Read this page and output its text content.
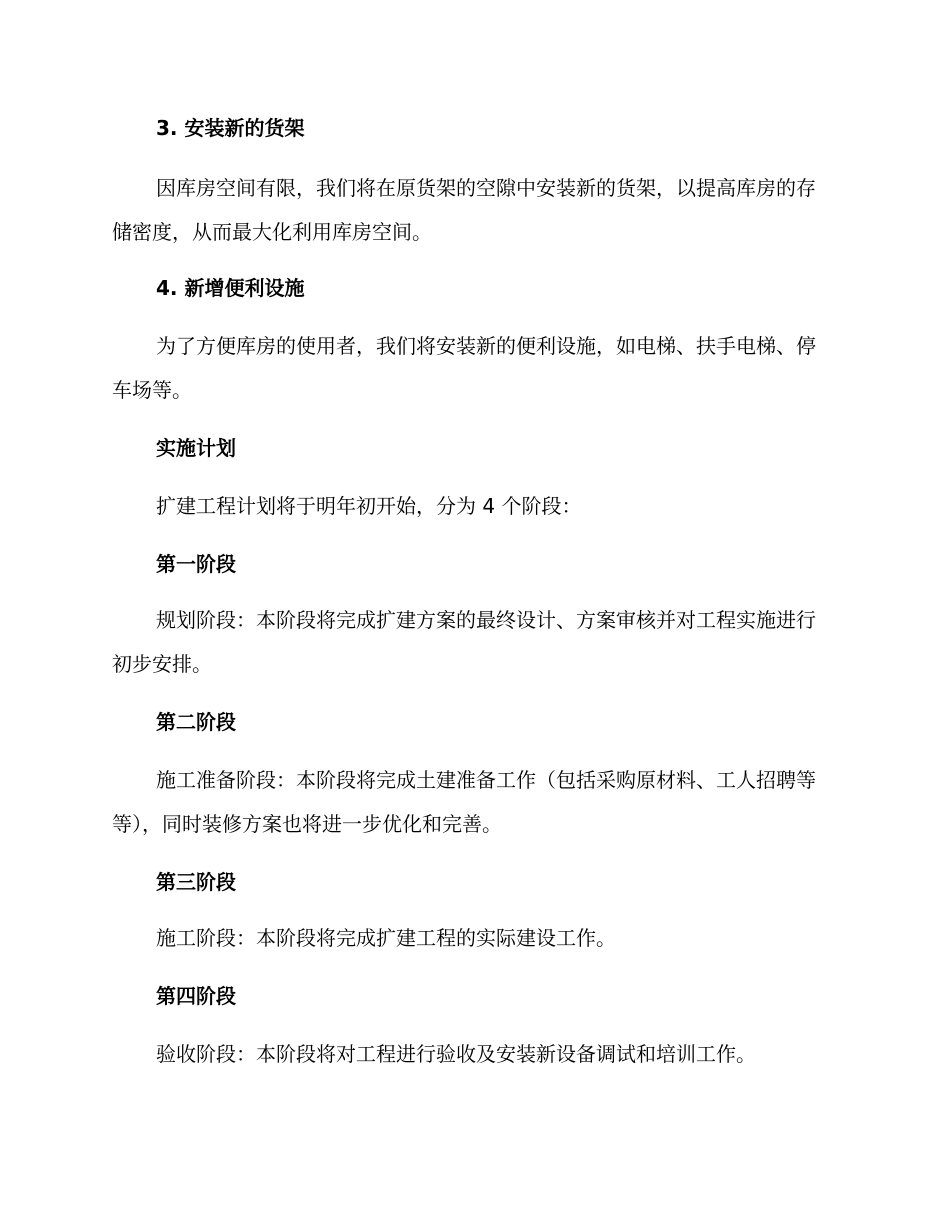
3. 安装新的货架

因库房空间有限，我们将在原货架的空隙中安装新的货架，以提高库房的存储密度，从而最大化利用库房空间。

4. 新增便利设施

为了方便库房的使用者，我们将安装新的便利设施，如电梯、扶手电梯、停车场等。

实施计划

扩建工程计划将于明年初开始，分为 4 个阶段：

第一阶段

规划阶段：本阶段将完成扩建方案的最终设计、方案审核并对工程实施进行初步安排。

第二阶段

施工准备阶段：本阶段将完成土建准备工作（包括采购原材料、工人招聘等等），同时装修方案也将进一步优化和完善。

第三阶段

施工阶段：本阶段将完成扩建工程的实际建设工作。

第四阶段

验收阶段：本阶段将对工程进行验收及安装新设备调试和培训工作。
